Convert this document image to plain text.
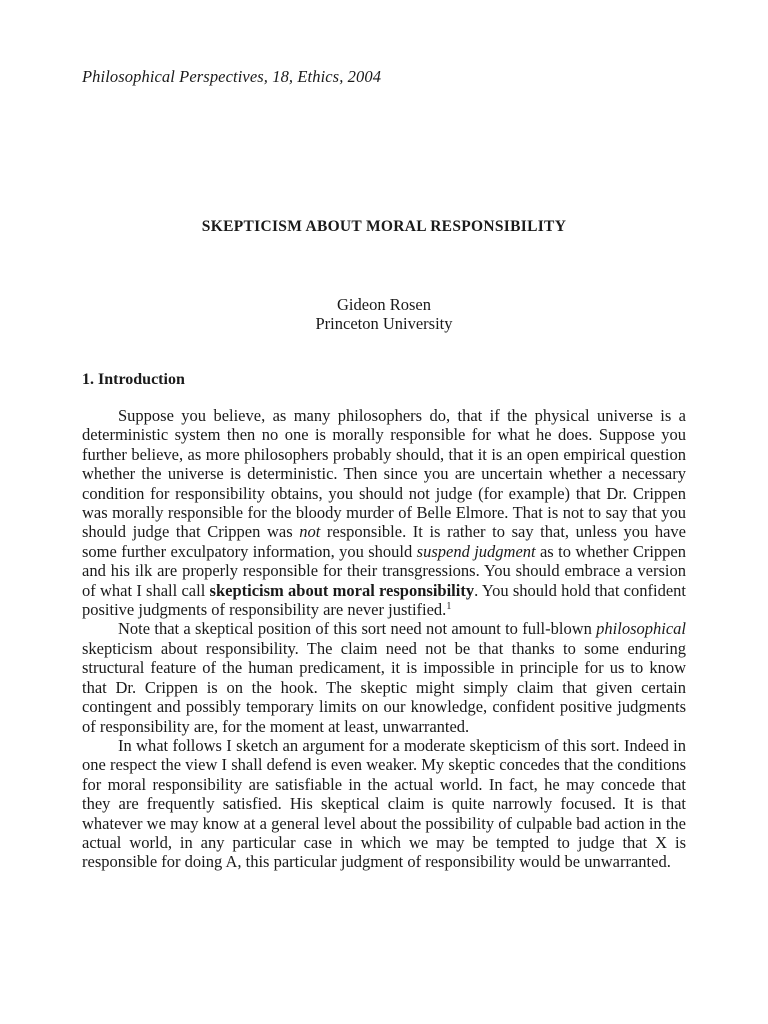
Philosophical Perspectives, 18, Ethics, 2004
SKEPTICISM ABOUT MORAL RESPONSIBILITY
Gideon Rosen
Princeton University
1. Introduction

Suppose you believe, as many philosophers do, that if the physical universe is a deterministic system then no one is morally responsible for what he does. Suppose you further believe, as more philosophers probably should, that it is an open empirical question whether the universe is deterministic. Then since you are uncertain whether a necessary condition for responsibility obtains, you should not judge (for example) that Dr. Crippen was morally responsible for the bloody murder of Belle Elmore. That is not to say that you should judge that Crippen was not responsible. It is rather to say that, unless you have some further exculpatory information, you should suspend judgment as to whether Crippen and his ilk are properly responsible for their transgressions. You should embrace a version of what I shall call skepticism about moral responsibility. You should hold that confident positive judgments of responsibility are never justified.$^1$

Note that a skeptical position of this sort need not amount to full-blown philosophical skepticism about responsibility. The claim need not be that thanks to some enduring structural feature of the human predicament, it is impossible in principle for us to know that Dr. Crippen is on the hook. The skeptic might simply claim that given certain contingent and possibly temporary limits on our knowledge, confident positive judgments of responsibility are, for the moment at least, unwarranted.

In what follows I sketch an argument for a moderate skepticism of this sort. Indeed in one respect the view I shall defend is even weaker. My skeptic concedes that the conditions for moral responsibility are satisfiable in the actual world. In fact, he may concede that they are frequently satisfied. His skeptical claim is quite narrowly focused. It is that whatever we may know at a general level about the possibility of culpable bad action in the actual world, in any particular case in which we may be tempted to judge that X is responsible for doing A, this particular judgment of responsibility would be unwarranted.
